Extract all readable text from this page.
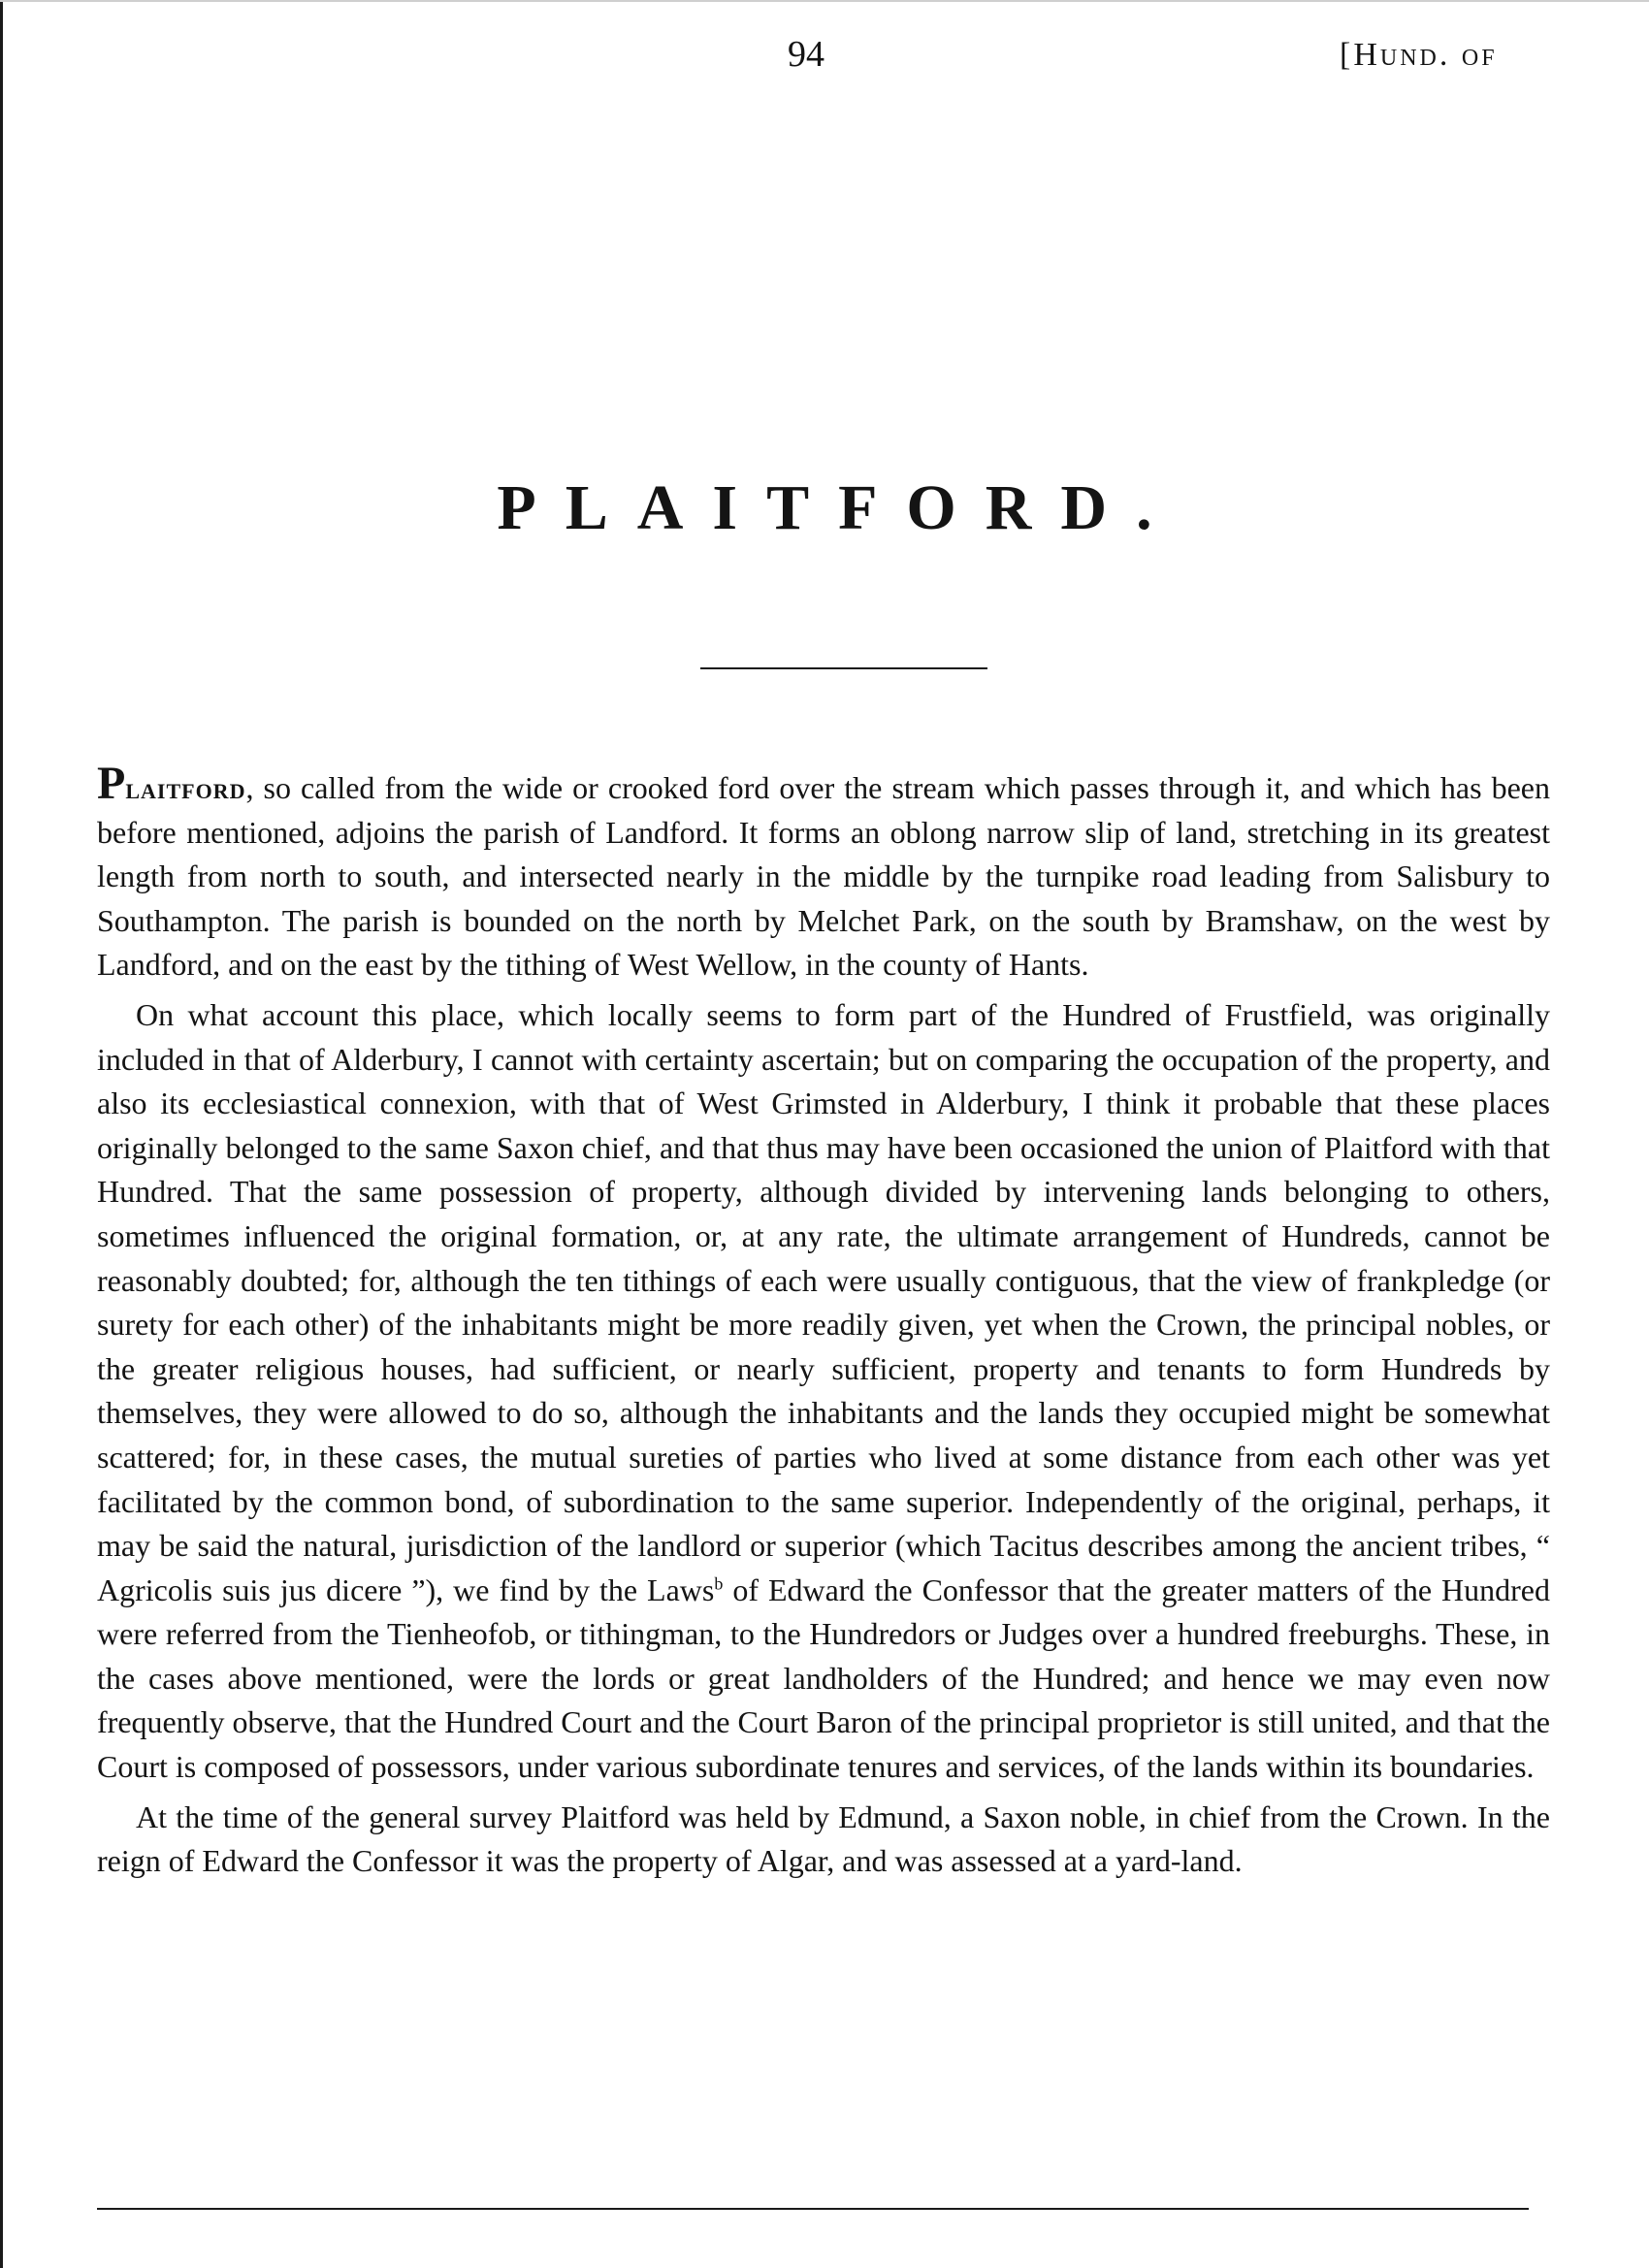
94	[Hund. of
PLAITFORD.

Plaitford, so called from the wide or crooked ford over the stream which passes through it, and which has been before mentioned, adjoins the parish of Landford. It forms an oblong narrow slip of land, stretching in its greatest length from north to south, and intersected nearly in the middle by the turnpike road leading from Salisbury to Southampton. The parish is bounded on the north by Melchet Park, on the south by Bramshaw, on the west by Landford, and on the east by the tithing of West Wellow, in the county of Hants.

On what account this place, which locally seems to form part of the Hundred of Frustfield, was originally included in that of Alderbury, I cannot with certainty ascertain; but on comparing the occupation of the property, and also its ecclesiastical connexion, with that of West Grimsted in Alderbury, I think it probable that these places originally belonged to the same Saxon chief, and that thus may have been occasioned the union of Plaitford with that Hundred. That the same possession of property, although divided by intervening lands belonging to others, sometimes influenced the original formation, or, at any rate, the ultimate arrangement of Hundreds, cannot be reasonably doubted; for, although the ten tithings of each were usually contiguous, that the view of frankpledge (or surety for each other) of the inhabitants might be more readily given, yet when the Crown, the principal nobles, or the greater religious houses, had sufficient, or nearly sufficient, property and tenants to form Hundreds by themselves, they were allowed to do so, although the inhabitants and the lands they occupied might be somewhat scattered; for, in these cases, the mutual sureties of parties who lived at some distance from each other was yet facilitated by the common bond, of subordination to the same superior. Independently of the original, perhaps, it may be said the natural, jurisdiction of the landlord or superior (which Tacitus describes among the ancient tribes, “ Agricolis suis jus dicere ”), we find by the Laws$^b$ of Edward the Confessor that the greater matters of the Hundred were referred from the Tienheofob, or tithingman, to the Hundredors or Judges over a hundred freeburghs. These, in the cases above mentioned, were the lords or great landholders of the Hundred; and hence we may even now frequently observe, that the Hundred Court and the Court Baron of the principal proprietor is still united, and that the Court is composed of possessors, under various subordinate tenures and services, of the lands within its boundaries.

At the time of the general survey Plaitford was held by Edmund, a Saxon noble, in chief from the Crown. In the reign of Edward the Confessor it was the property of Algar, and was assessed at a yard-land.
